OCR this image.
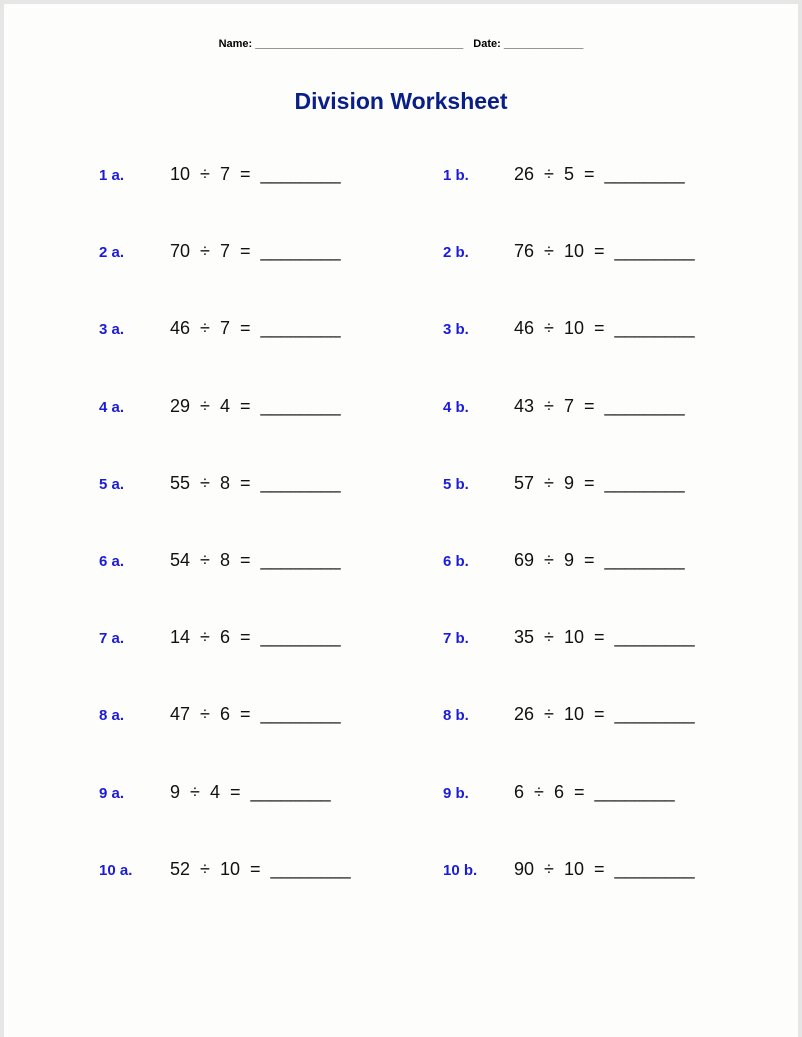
Name: __________________________________ Date: _____________
Division Worksheet
1 a.	10 ÷ 7 = ________	1 b.	26 ÷ 5 = ________
2 a.	70 ÷ 7 = ________	2 b.	76 ÷ 10 = ________
3 a.	46 ÷ 7 = ________	3 b.	46 ÷ 10 = ________
4 a.	29 ÷ 4 = ________	4 b.	43 ÷ 7 = ________
5 a.	55 ÷ 8 = ________	5 b.	57 ÷ 9 = ________
6 a.	54 ÷ 8 = ________	6 b.	69 ÷ 9 = ________
7 a.	14 ÷ 6 = ________	7 b.	35 ÷ 10 = ________
8 a.	47 ÷ 6 = ________	8 b.	26 ÷ 10 = ________
9 a.	9 ÷ 4 = ________	9 b.	6 ÷ 6 = ________
10 a. 52 ÷ 10 = ________	10 b. 90 ÷ 10 = ________
